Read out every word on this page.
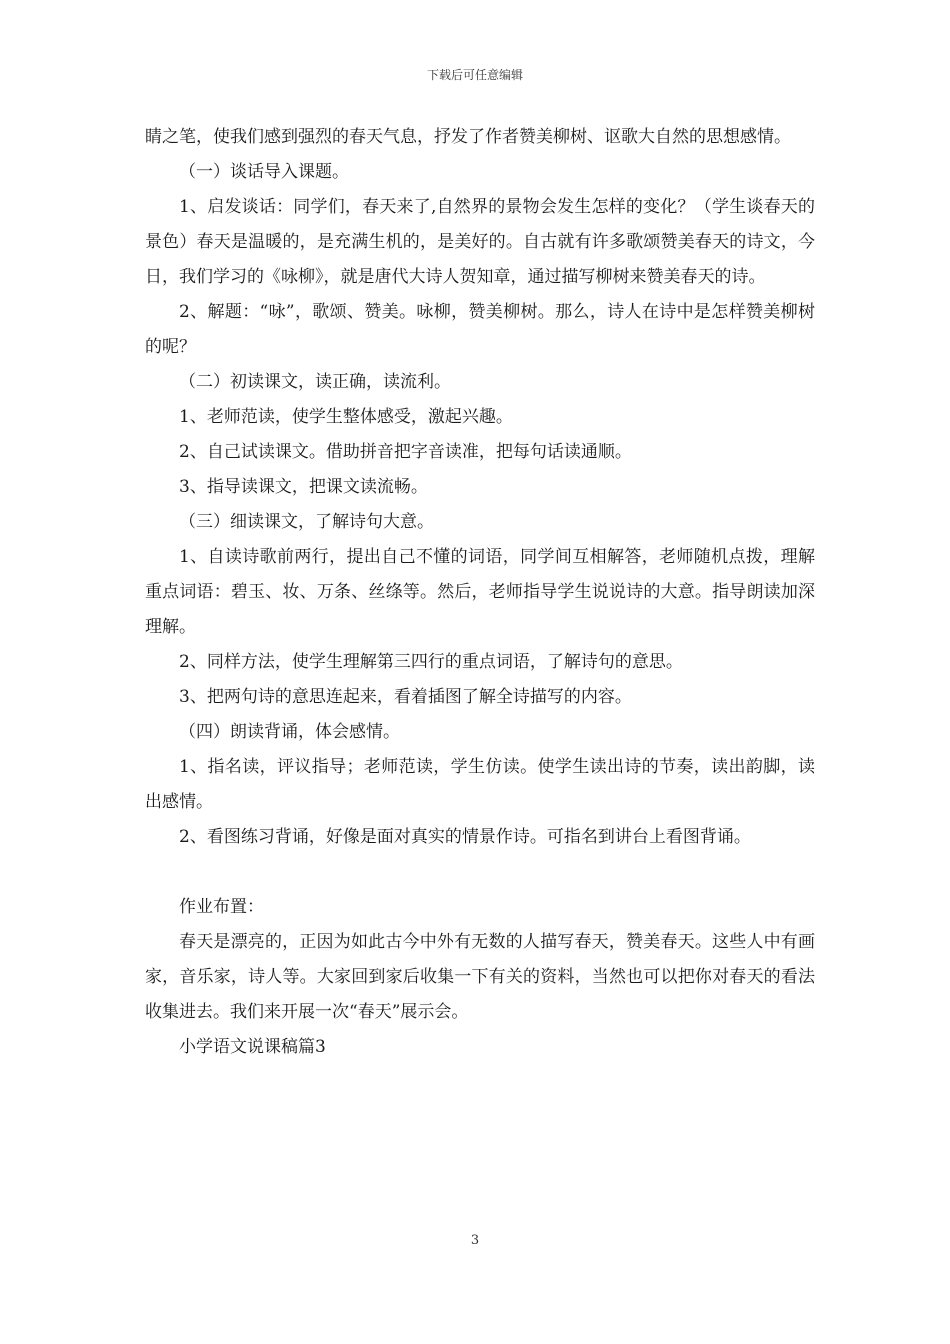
下载后可任意编辑

睛之笔，使我们感到强烈的春天气息，抒发了作者赞美柳树、讴歌大自然的思想感情。

（一）谈话导入课题。

1、启发谈话：同学们，春天来了,自然界的景物会发生怎样的变化？（学生谈春天的景色）春天是温暖的，是充满生机的，是美好的。自古就有许多歌颂赞美春天的诗文，今日，我们学习的《咏柳》，就是唐代大诗人贺知章，通过描写柳树来赞美春天的诗。

2、解题：“咏”，歌颂、赞美。咏柳，赞美柳树。那么，诗人在诗中是怎样赞美柳树的呢？

（二）初读课文，读正确，读流利。

1、老师范读，使学生整体感受，激起兴趣。

2、自己试读课文。借助拼音把字音读准，把每句话读通顺。

3、指导读课文，把课文读流畅。

（三）细读课文，了解诗句大意。

1、自读诗歌前两行，提出自己不懂的词语，同学间互相解答，老师随机点拨，理解重点词语：碧玉、妆、万条、丝绦等。然后，老师指导学生说说诗的大意。指导朗读加深理解。

2、同样方法，使学生理解第三四行的重点词语，了解诗句的意思。

3、把两句诗的意思连起来，看着插图了解全诗描写的内容。

（四）朗读背诵，体会感情。

1、指名读，评议指导；老师范读，学生仿读。使学生读出诗的节奏，读出韵脚，读出感情。

2、看图练习背诵，好像是面对真实的情景作诗。可指名到讲台上看图背诵。

作业布置：

春天是漂亮的，正因为如此古今中外有无数的人描写春天，赞美春天。这些人中有画家，音乐家，诗人等。大家回到家后收集一下有关的资料，当然也可以把你对春天的看法收集进去。我们来开展一次“春天”展示会。

小学语文说课稿篇3

3
